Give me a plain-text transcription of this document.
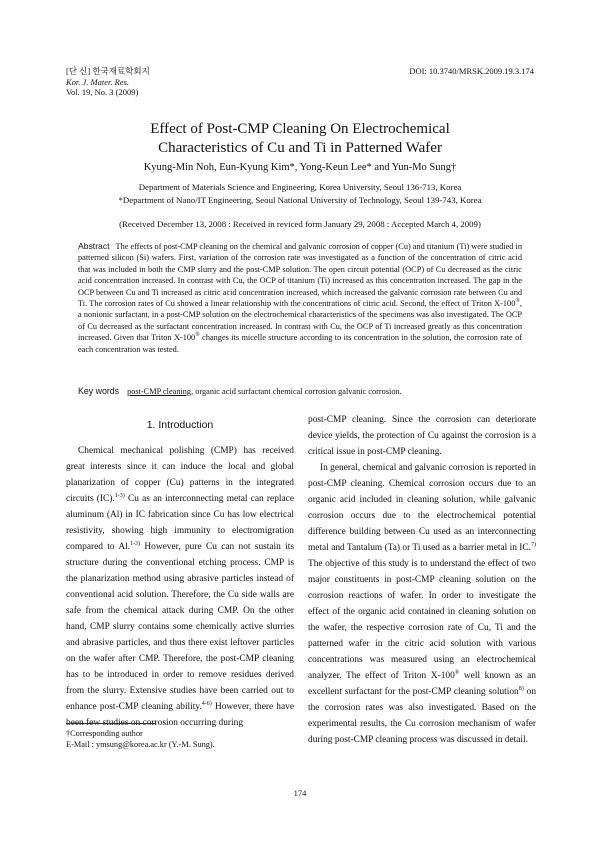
[단 신] 한국재료학회지
Kor. J. Mater. Res.
Vol. 19, No. 3 (2009)
DOI: 10.3740/MRSK.2009.19.3.174
Effect of Post-CMP Cleaning On Electrochemical
Characteristics of Cu and Ti in Patterned Wafer
Kyung-Min Noh, Eun-Kyung Kim*, Yong-Keun Lee* and Yun-Mo Sung†
Department of Materials Science and Engineering, Korea University, Seoul 136-713, Korea
*Department of Nano/IT Engineering, Seoul National University of Technology, Seoul 139-743, Korea
(Received December 13, 2008 : Received in reviced form January 29, 2008 : Accepted March 4, 2009)
Abstract The effects of post-CMP cleaning on the chemical and galvanic corrosion of copper (Cu) and titanium (Ti) were studied in patterned silicon (Si) wafers. First, variation of the corrosion rate was investigated as a function of the concentration of citric acid that was included in both the CMP slurry and the post-CMP solution. The open circuit potential (OCP) of Cu decreased as the citric acid concentration increased. In contrast with Cu, the OCP of titanium (Ti) increased as this concentration increased. The gap in the OCP between Cu and Ti increased as citric acid concentration increased, which increased the galvanic corrosion rate between Cu and Ti. The corrosion rates of Cu showed a linear relationship with the concentrations of citric acid. Second, the effect of Triton X-100®, a nonionic surfactant, in a post-CMP solution on the electrochemical characteristics of the specimens was also investigated. The OCP of Cu decreased as the surfactant concentration increased. In contrast with Cu, the OCP of Ti increased greatly as this concentration increased. Given that Triton X-100® changes its micelle structure according to its concentration in the solution, the corrosion rate of each concentration was tested.
Key words post-CMP cleaning, organic acid surfactant chemical corrosion galvanic corrosion.
1. Introduction

Chemical mechanical polishing (CMP) has received great interests since it can induce the local and global planarization of copper (Cu) patterns in the integrated circuits (IC).$^{1-3)}$ Cu as an interconnecting metal can replace aluminum (Al) in IC fabrication since Cu has low electrical resistivity, showing high immunity to electromigration compared to Al.$^{1-3)}$ However, pure Cu can not sustain its structure during the conventional etching process. CMP is the planarization method using abrasive particles instead of conventional acid solution. Therefore, the Cu side walls are safe from the chemical attack during CMP. On the other hand, CMP slurry contains some chemically active slurries and abrasive particles, and thus there exist leftover particles on the wafer after CMP. Therefore, the post-CMP cleaning has to be introduced in order to remove residues derived from the slurry. Extensive studies have been carried out to enhance post-CMP cleaning ability.$^{4-6)}$ However, there have been few studies on corrosion occurring during

post-CMP cleaning. Since the corrosion can deteriorate device yields, the protection of Cu against the corrosion is a critical issue in post-CMP cleaning.

In general, chemical and galvanic corrosion is reported in post-CMP cleaning. Chemical corrosion occurs due to an organic acid included in cleaning solution, while galvanic corrosion occurs due to the electrochemical potential difference building between Cu used as an interconnecting metal and Tantalum (Ta) or Ti used as a barrier metal in IC.$^{7)}$ The objective of this study is to understand the effect of two major constituents in post-CMP cleaning solution on the corrosion reactions of wafer. In order to investigate the effect of the organic acid contained in cleaning solution on the wafer, the respective corrosion rate of Cu, Ti and the patterned wafer in the citric acid solution with various concentrations was measured using an electrochemical analyzer. The effect of Triton X-100® well known as an excellent surfactant for the post-CMP cleaning solution$^{8)}$ on the corrosion rates was also investigated. Based on the experimental results, the Cu corrosion mechanism of wafer during post-CMP cleaning process was discussed in detail.

†Corresponding author
E-Mail : ymsung@korea.ac.kr (Y.-M. Sung).
174
